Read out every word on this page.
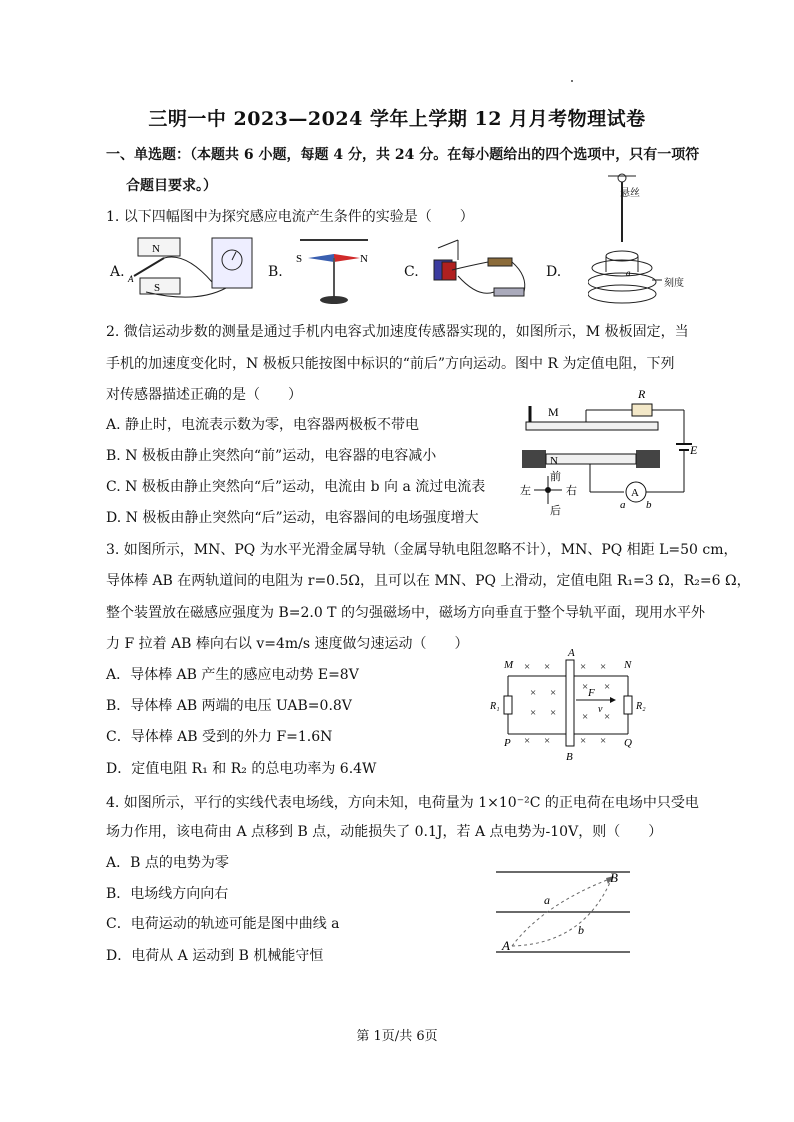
三明一中 2023—2024 学年上学期 12 月月考物理试卷
一、单选题：（本题共 6 小题，每题 4 分，共 24 分。在每小题给出的四个选项中，只有一项符
合题目要求。）
1. 以下四幅图中为探究感应电流产生条件的实验是（　　）
A.	B.	C.	D.
N
S
A
S	N
a
悬丝
刻度
2. 微信运动步数的测量是通过手机内电容式加速度传感器实现的，如图所示，M 极板固定，当
手机的加速度变化时，N 极板只能按图中标识的“前后”方向运动。图中 R 为定值电阻，下列
对传感器描述正确的是（　　）
A. 静止时，电流表示数为零，电容器两极板不带电
B. N 极板由静止突然向“前”运动，电容器的电容减小
C. N 极板由静止突然向“后”运动，电流由 b 向 a 流过电流表
D. N 极板由静止突然向“后”运动，电容器间的电场强度增大
M
R
E
N
A
a b
前
后
左	右
3. 如图所示，MN、PQ 为水平光滑金属导轨（金属导轨电阻忽略不计），MN、PQ 相距 L=50 cm，
导体棒 AB 在两轨道间的电阻为 r=0.5Ω，且可以在 MN、PQ 上滑动，定值电阻 R₁=3 Ω，R₂=6 Ω，
整个装置放在磁感应强度为 B=2.0 T 的匀强磁场中，磁场方向垂直于整个导轨平面，现用水平外
力 F 拉着 AB 棒向右以 v=4m/s 速度做匀速运动（　　）
A．导体棒 AB 产生的感应电动势 E=8V
B．导体棒 AB 两端的电压 UAB=0.8V
C．导体棒 AB 受到的外力 F=1.6N
D．定值电阻 R₁ 和 R₂ 的总电功率为 6.4W
M	N
P	Q
A
B
R₁	R₂
F
v
× ×	× ×
× × × ×
× × × ×
× ×	× ×
4. 如图所示，平行的实线代表电场线，方向未知，电荷量为 1×10⁻²C 的正电荷在电场中只受电
场力作用，该电荷由 A 点移到 B 点，动能损失了 0.1J，若 A 点电势为-10V，则（　　）
A．B 点的电势为零
B．电场线方向向右
C．电荷运动的轨迹可能是图中曲线 a
D．电荷从 A 运动到 B 机械能守恒
A
B
a
b
第 1页/共 6页
